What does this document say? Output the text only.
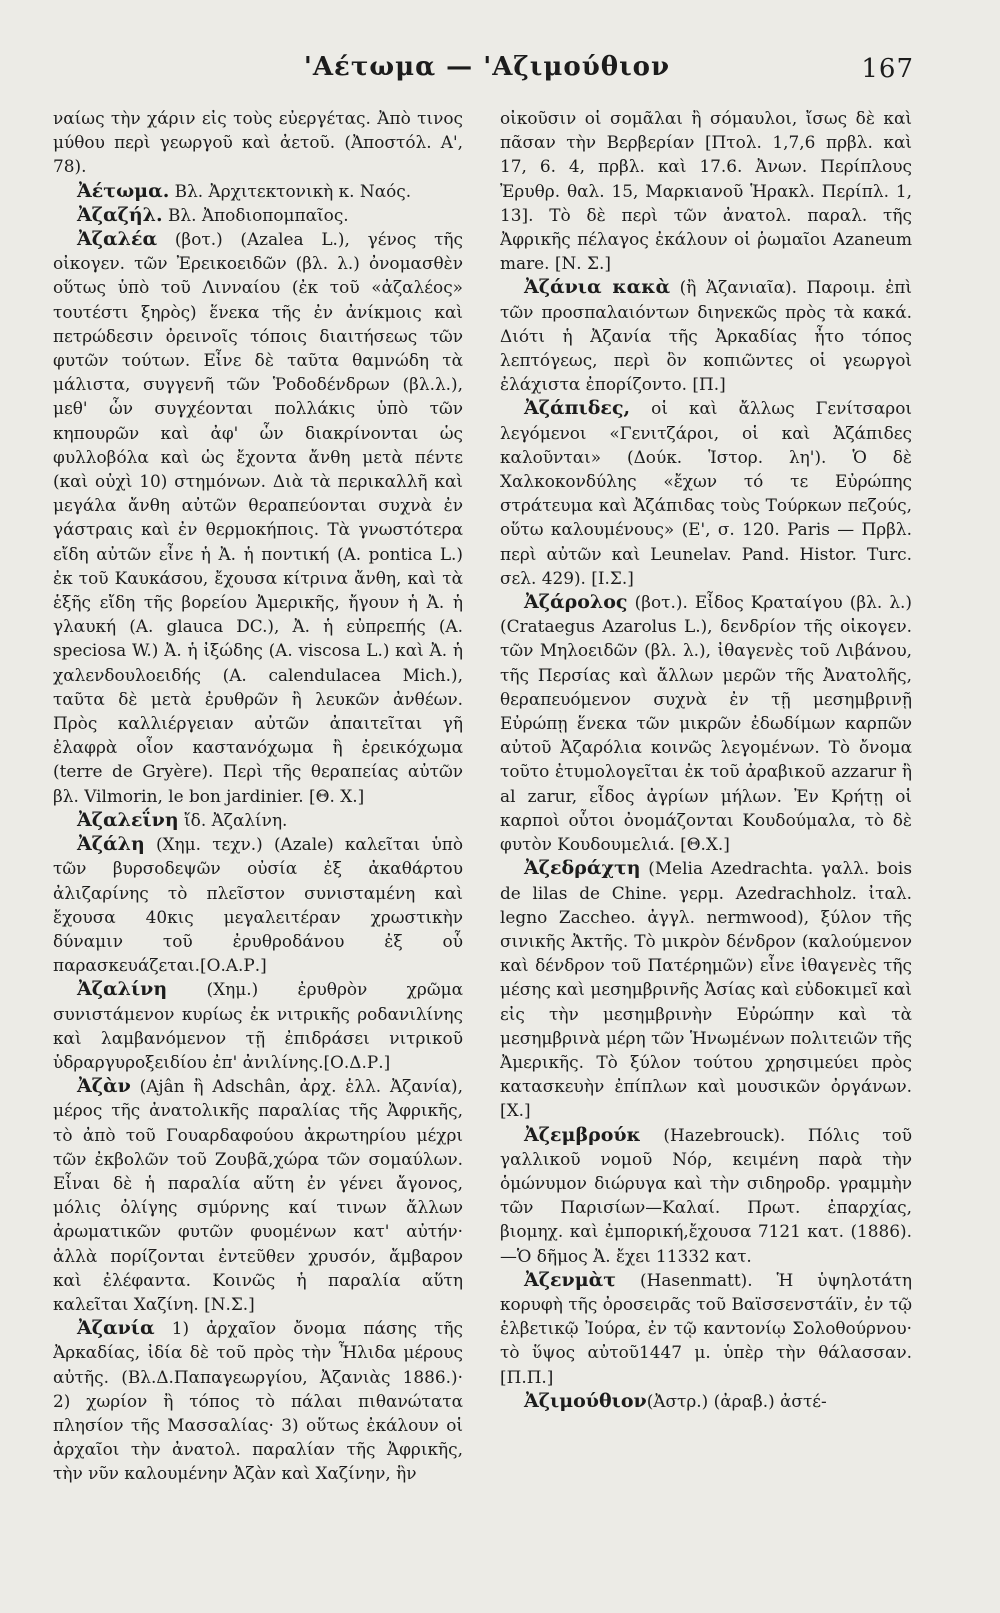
'Αέτωμα — 'Αζιμούθιον	167

ναίως τὴν χάριν εἰς τοὺς εὐεργέτας. Ἀπὸ τινος μύθου περὶ γεωργοῦ καὶ ἀετοῦ. (Ἀποστόλ. Α', 78).

Ἀέτωμα. Βλ. Ἀρχιτεκτονικὴ κ. Ναός.

Ἀζαζήλ. Βλ. Ἀποδιοπομπαῖος.

Ἀζαλέα (βοτ.) (Azalea L.), γένος τῆς οἰκογεν. τῶν Ἐρεικοειδῶν (βλ. λ.) ὀνομασθὲν οὕτως ὑπὸ τοῦ Λινναίου (ἐκ τοῦ «ἀζαλέος» τουτέστι ξηρὸς) ἕνεκα τῆς ἐν ἀνίκμοις καὶ πετρώδεσιν ὀρεινοῖς τόποις διαιτήσεως τῶν φυτῶν τούτων. Εἶνε δὲ ταῦτα θαμνώδη τὰ μάλιστα, συγγενῆ τῶν Ῥοδοδένδρων (βλ.λ.), μεθ' ὧν συγχέονται πολλάκις ὑπὸ τῶν κηπουρῶν καὶ ἀφ' ὧν διακρίνονται ὡς φυλλοβόλα καὶ ὡς ἔχοντα ἄνθη μετὰ πέντε (καὶ οὐχὶ 10) στημόνων. Διὰ τὰ περικαλλῆ καὶ μεγάλα ἄνθη αὐτῶν θεραπεύονται συχνὰ ἐν γάστραις καὶ ἐν θερμοκήποις. Τὰ γνωστότερα εἴδη αὐτῶν εἶνε ἡ Ἀ. ἡ ποντική (A. pontica L.) ἐκ τοῦ Καυκάσου, ἔχουσα κίτρινα ἄνθη, καὶ τὰ ἑξῆς εἴδη τῆς βορείου Ἀμερικῆς, ἤγουν ἡ Ἀ. ἡ γλαυκή (A. glauca DC.), Ἀ. ἡ εὐπρεπής (A. speciosa W.) Ἀ. ἡ ἰξώδης (A. viscosa L.) καὶ Ἀ. ἡ χαλενδουλοειδής (A. calendulacea Mich.), ταῦτα δὲ μετὰ ἐρυθρῶν ἢ λευκῶν ἀνθέων. Πρὸς καλλιέργειαν αὐτῶν ἀπαιτεῖται γῆ ἐλαφρὰ οἷον καστανόχωμα ἢ ἐρεικόχωμα (terre de Gryère). Περὶ τῆς θεραπείας αὐτῶν βλ. Vilmorin, le bon jardinier. [Θ. Χ.]

Ἀζαλεΐνη ἴδ. Ἀζαλίνη.

Ἀζάλη (Χημ. τεχν.) (Azale) καλεῖται ὑπὸ τῶν βυρσοδεψῶν οὐσία ἐξ ἀκαθάρτου ἀλιζαρίνης τὸ πλεῖστον συνισταμένη καὶ ἔχουσα 40κις μεγαλειτέραν χρωστικὴν δύναμιν τοῦ ἐρυθροδάνου ἐξ οὗ παρασκευάζεται.[Ο.Α.Ρ.]

Ἀζαλίνη (Χημ.) ἐρυθρὸν χρῶμα συνιστάμενον κυρίως ἐκ νιτρικῆς ροδανιλίνης καὶ λαμβανόμενον τῇ ἐπιδράσει νιτρικοῦ ὑδραργυροξειδίου ἐπ' ἀνιλίνης.[Ο.Δ.Ρ.]

Ἀζὰν (Ajân ἢ Adschân, ἀρχ. ἑλλ. Ἀζανία), μέρος τῆς ἀνατολικῆς παραλίας τῆς Ἀφρικῆς, τὸ ἀπὸ τοῦ Γουαρδαφούου ἀκρωτηρίου μέχρι τῶν ἐκβολῶν τοῦ Ζουβᾶ,χώρα τῶν σομαύλων. Εἶναι δὲ ἡ παραλία αὕτη ἐν γένει ἄγονος, μόλις ὀλίγης σμύρνης καί τινων ἄλλων ἀρωματικῶν φυτῶν φυομένων κατ' αὐτήν· ἀλλὰ πορίζονται ἐντεῦθεν χρυσόν, ἄμβαρον καὶ ἐλέφαντα. Κοινῶς ἡ παραλία αὕτη καλεῖται Χαζίνη. [Ν.Σ.]

Ἀζανία 1) ἀρχαῖον ὄνομα πάσης τῆς Ἀρκαδίας, ἰδία δὲ τοῦ πρὸς τὴν Ἦλιδα μέρους αὐτῆς. (Βλ.Δ.Παπαγεωργίου, Ἀζανιὰς 1886.)· 2) χωρίον ἢ τόπος τὸ πάλαι πιθανώτατα πλησίον τῆς Μασσαλίας· 3) οὕτως ἐκάλουν οἱ ἀρχαῖοι τὴν ἀνατολ. παραλίαν τῆς Ἀφρικῆς, τὴν νῦν καλουμένην Ἀζὰν καὶ Χαζίνην, ἣν

οἰκοῦσιν οἱ σομᾶλαι ἢ σόμαυλοι, ἴσως δὲ καὶ πᾶσαν τὴν Βερβερίαν [Πτολ. 1,7,6 πρβλ. καὶ 17, 6. 4, πρβλ. καὶ 17.6. Ἀνων. Περίπλους Ἐρυθρ. θαλ. 15, Μαρκιανοῦ Ἡρακλ. Περίπλ. 1, 13]. Τὸ δὲ περὶ τῶν ἀνατολ. παραλ. τῆς Ἀφρικῆς πέλαγος ἐκάλουν οἱ ῥωμαῖοι Azaneum mare. [Ν. Σ.]

Ἀζάνια κακὰ (ἢ Ἀζανιαῖα). Παροιμ. ἐπὶ τῶν προσπαλαιόντων διηνεκῶς πρὸς τὰ κακά. Διότι ἡ Ἀζανία τῆς Ἀρκαδίας ἦτο τόπος λεπτόγεως, περὶ ὃν κοπιῶντες οἱ γεωργοὶ ἐλάχιστα ἐπορίζοντο. [Π.]

Ἀζάπιδες, οἱ καὶ ἄλλως Γενίτσαροι λεγόμενοι «Γενιτζάροι, οἱ καὶ Ἀζάπιδες καλοῦνται» (Δούκ. Ἱστορ. λη'). Ὁ δὲ Χαλκοκονδύλης «ἔχων τό τε Εὐρώπης στράτευμα καὶ Ἀζάπιδας τοὺς Τούρκων πεζούς, οὕτω καλουμένους» (Ε', σ. 120. Paris — Πρβλ. περὶ αὐτῶν καὶ Leunelav. Pand. Histor. Turc. σελ. 429). [Ι.Σ.]

Ἀζάρολος (βοτ.). Εἶδος Κραταίγου (βλ. λ.) (Crataegus Azarolus L.), δενδρίον τῆς οἰκογεν. τῶν Μηλοειδῶν (βλ. λ.), ἰθαγενὲς τοῦ Λιβάνου, τῆς Περσίας καὶ ἄλλων μερῶν τῆς Ἀνατολῆς, θεραπευόμενον συχνὰ ἐν τῇ μεσημβρινῇ Εὐρώπῃ ἕνεκα τῶν μικρῶν ἐδωδίμων καρπῶν αὐτοῦ Ἀζαρόλια κοινῶς λεγομένων. Τὸ ὄνομα τοῦτο ἐτυμολογεῖται ἐκ τοῦ ἀραβικοῦ azzarur ἢ al zarur, εἶδος ἀγρίων μήλων. Ἐν Κρήτῃ οἱ καρποὶ οὗτοι ὀνομάζονται Κουδούμαλα, τὸ δὲ φυτὸν Κουδουμελιά. [Θ.Χ.]

Ἀζεδράχτη (Melia Azedrachta. γαλλ. bois de lilas de Chine. γερμ. Azedrachholz. ἰταλ. legno Zaccheo. ἀγγλ. nermwood), ξύλον τῆς σινικῆς Ἀκτῆς. Τὸ μικρὸν δένδρον (καλούμενον καὶ δένδρον τοῦ Πατέρημῶν) εἶνε ἰθαγενὲς τῆς μέσης καὶ μεσημβρινῆς Ἀσίας καὶ εὐδοκιμεῖ καὶ εἰς τὴν μεσημβρινὴν Εὐρώπην καὶ τὰ μεσημβρινὰ μέρη τῶν Ἡνωμένων πολιτειῶν τῆς Ἀμερικῆς. Τὸ ξύλον τούτου χρησιμεύει πρὸς κατασκευὴν ἐπίπλων καὶ μουσικῶν ὀργάνων. [Χ.]

Ἀζεμβρούκ (Hazebrouck). Πόλις τοῦ γαλλικοῦ νομοῦ Νόρ, κειμένη παρὰ τὴν ὁμώνυμον διώρυγα καὶ τὴν σιδηροδρ. γραμμὴν τῶν Παρισίων—Καλαί. Πρωτ. ἐπαρχίας, βιομηχ. καὶ ἐμπορική,ἔχουσα 7121 κατ. (1886).—Ὁ δῆμος Ἀ. ἔχει 11332 κατ.

Ἀζενμὰτ (Hasenmatt). Ἡ ὑψηλοτάτη κορυφὴ τῆς ὀροσειρᾶς τοῦ Βαϊσσενστάϊν, ἐν τῷ ἑλβετικῷ Ἰούρα, ἐν τῷ καντονίῳ Σολοθούρνου· τὸ ὕψος αὐτοῦ1447 μ. ὑπὲρ τὴν θάλασσαν. [Π.Π.]

Ἀζιμούθιον(Ἀστρ.) (ἀραβ.) ἀστέ-
